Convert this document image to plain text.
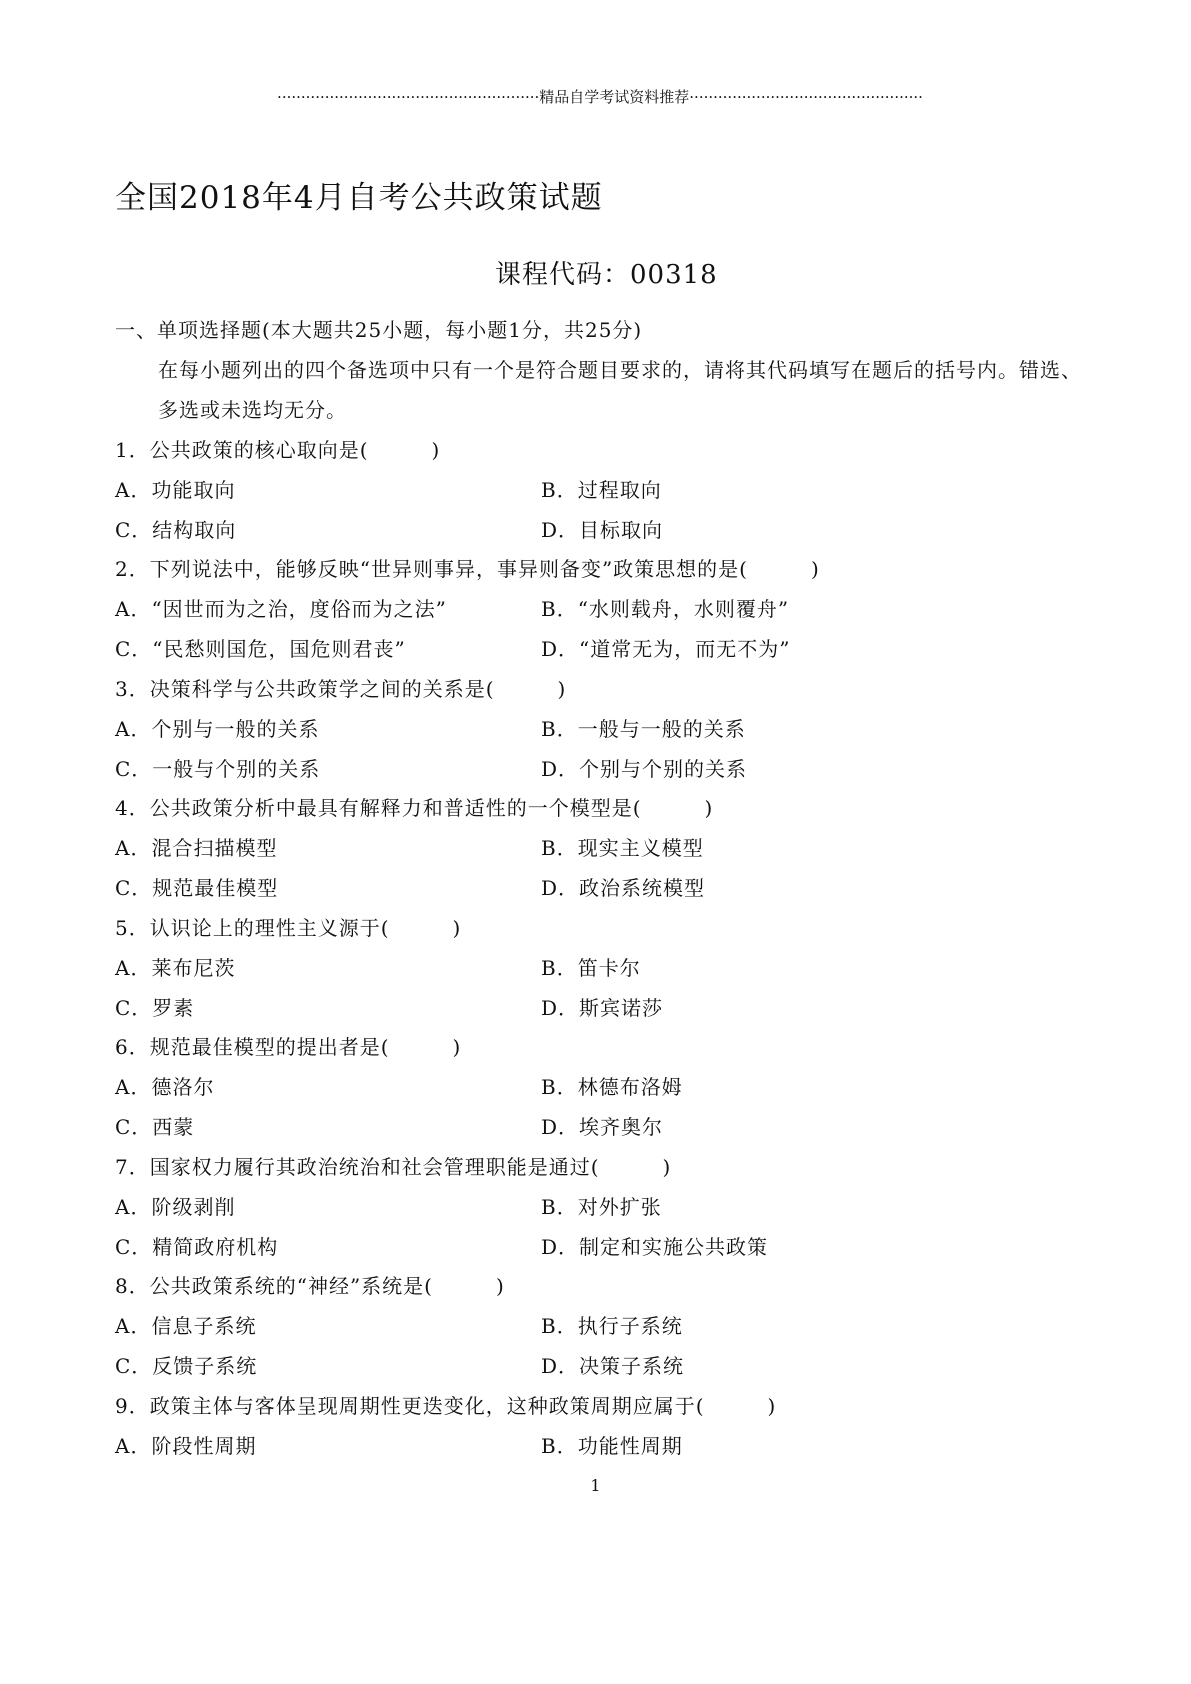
·······················································精品自学考试资料推荐·················································
全国2018年4月自考公共政策试题
课程代码：00318
一、单项选择题(本大题共25小题，每小题1分，共25分)
在每小题列出的四个备选项中只有一个是符合题目要求的，请将其代码填写在题后的括号内。错选、
多选或未选均无分。
1．公共政策的核心取向是(　　　)
A．功能取向	B．过程取向
C．结构取向	D．目标取向
2．下列说法中，能够反映“世异则事异，事异则备变”政策思想的是(　　　)
A．“因世而为之治，度俗而为之法”	B．“水则载舟，水则覆舟”
C．“民愁则国危，国危则君丧”	D．“道常无为，而无不为”
3．决策科学与公共政策学之间的关系是(　　　)
A．个别与一般的关系	B．一般与一般的关系
C．一般与个别的关系	D．个别与个别的关系
4．公共政策分析中最具有解释力和普适性的一个模型是(　　　)
A．混合扫描模型	B．现实主义模型
C．规范最佳模型	D．政治系统模型
5．认识论上的理性主义源于(　　　)
A．莱布尼茨	B．笛卡尔
C．罗素	D．斯宾诺莎
6．规范最佳模型的提出者是(　　　)
A．德洛尔	B．林德布洛姆
C．西蒙	D．埃齐奥尔
7．国家权力履行其政治统治和社会管理职能是通过(　　　)
A．阶级剥削	B．对外扩张
C．精简政府机构	D．制定和实施公共政策
8．公共政策系统的“神经”系统是(　　　)
A．信息子系统	B．执行子系统
C．反馈子系统	D．决策子系统
9．政策主体与客体呈现周期性更迭变化，这种政策周期应属于(　　　)
A．阶段性周期	B．功能性周期
1
